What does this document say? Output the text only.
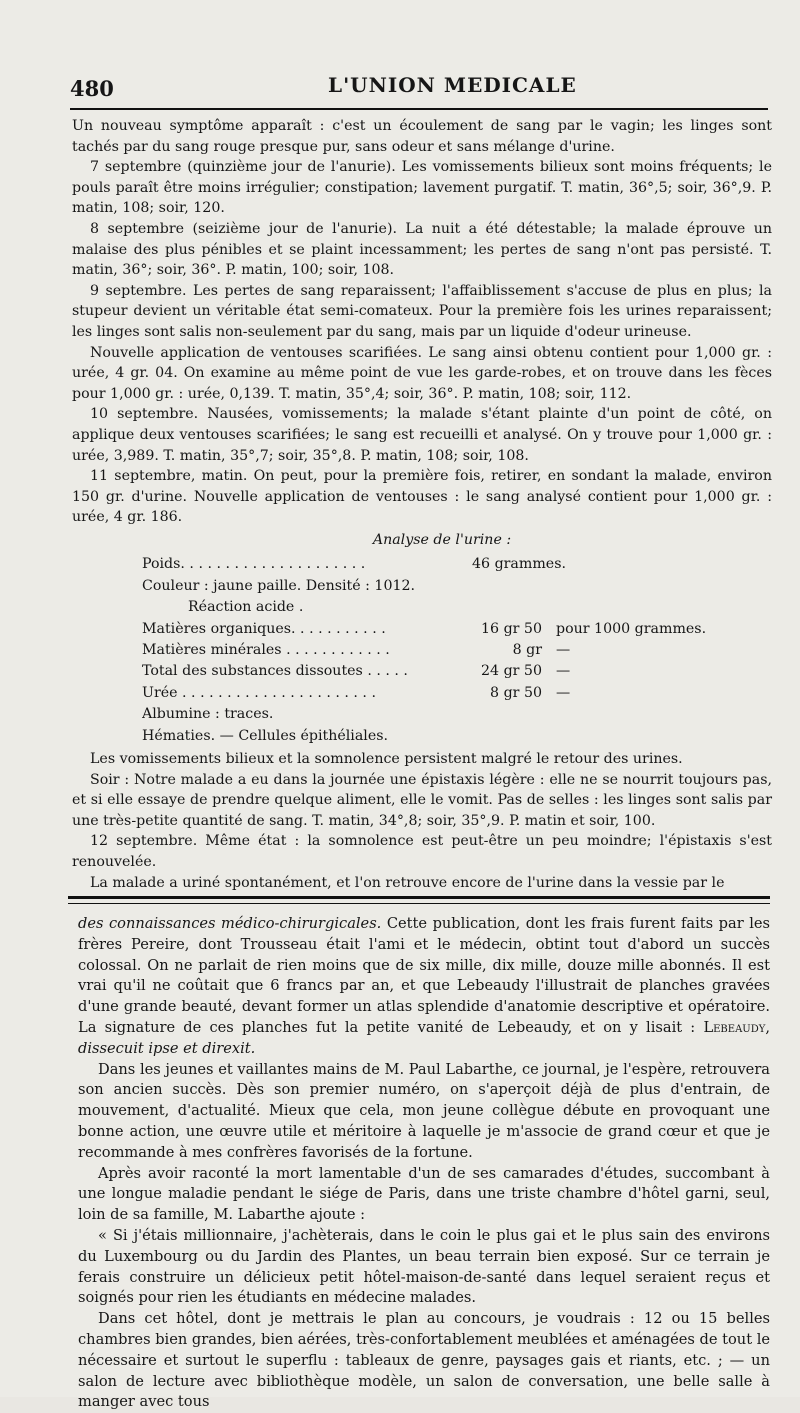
480	L'UNION MEDICALE

Un nouveau symptôme apparaît : c'est un écoulement de sang par le vagin; les linges sont tachés par du sang rouge presque pur, sans odeur et sans mélange d'urine.

7 septembre (quinzième jour de l'anurie). Les vomissements bilieux sont moins fréquents; le pouls paraît être moins irrégulier; constipation; lavement purgatif. T. matin, 36°,5; soir, 36°,9. P. matin, 108; soir, 120.

8 septembre (seizième jour de l'anurie). La nuit a été détestable; la malade éprouve un malaise des plus pénibles et se plaint incessamment; les pertes de sang n'ont pas persisté. T. matin, 36°; soir, 36°. P. matin, 100; soir, 108.

9 septembre. Les pertes de sang reparaissent; l'affaiblissement s'accuse de plus en plus; la stupeur devient un véritable état semi-comateux. Pour la première fois les urines reparaissent; les linges sont salis non-seulement par du sang, mais par un liquide d'odeur urineuse.

Nouvelle application de ventouses scarifiées. Le sang ainsi obtenu contient pour 1,000 gr. : urée, 4 gr. 04. On examine au même point de vue les garde-robes, et on trouve dans les fèces pour 1,000 gr. : urée, 0,139. T. matin, 35°,4; soir, 36°. P. matin, 108; soir, 112.

10 septembre. Nausées, vomissements; la malade s'étant plainte d'un point de côté, on applique deux ventouses scarifiées; le sang est recueilli et analysé. On y trouve pour 1,000 gr. : urée, 3,989. T. matin, 35°,7; soir, 35°,8. P. matin, 108; soir, 108.

11 septembre, matin. On peut, pour la première fois, retirer, en sondant la malade, environ 150 gr. d'urine. Nouvelle application de ventouses : le sang analysé contient pour 1,000 gr. : urée, 4 gr. 186.

Analyse de l'urine :
Poids. . . . . . . . . . . . . . . . . . . . .	46 grammes.
Couleur : jaune paille. Densité : 1012.
Réaction acide .
Matières organiques. . . . . . . . . . .	16 gr 50 pour 1000 grammes.
Matières minérales . . . . . . . . . . . .	8 gr —
Total des substances dissoutes . . . . .	24 gr 50 —
Urée . . . . . . . . . . . . . . . . . . . . . .	8 gr 50 —
Albumine : traces.
Hématies. — Cellules épithéliales.

Les vomissements bilieux et la somnolence persistent malgré le retour des urines.

Soir : Notre malade a eu dans la journée une épistaxis légère : elle ne se nourrit toujours pas, et si elle essaye de prendre quelque aliment, elle le vomit. Pas de selles : les linges sont salis par une très-petite quantité de sang. T. matin, 34°,8; soir, 35°,9. P. matin et soir, 100.

12 septembre. Même état : la somnolence est peut-être un peu moindre; l'épistaxis s'est renouvelée.

La malade a uriné spontanément, et l'on retrouve encore de l'urine dans la vessie par le

des connaissances médico-chirurgicales. Cette publication, dont les frais furent faits par les frères Pereire, dont Trousseau était l'ami et le médecin, obtint tout d'abord un succès colossal. On ne parlait de rien moins que de six mille, dix mille, douze mille abonnés. Il est vrai qu'il ne coûtait que 6 francs par an, et que Lebeaudy l'illustrait de planches gravées d'une grande beauté, devant former un atlas splendide d'anatomie descriptive et opératoire. La signature de ces planches fut la petite vanité de Lebeaudy, et on y lisait : Lebeaudy, dissecuit ipse et direxit.

Dans les jeunes et vaillantes mains de M. Paul Labarthe, ce journal, je l'espère, retrouvera son ancien succès. Dès son premier numéro, on s'aperçoit déjà de plus d'entrain, de mouvement, d'actualité. Mieux que cela, mon jeune collègue débute en provoquant une bonne action, une œuvre utile et méritoire à laquelle je m'associe de grand cœur et que je recommande à mes confrères favorisés de la fortune.

Après avoir raconté la mort lamentable d'un de ses camarades d'études, succombant à une longue maladie pendant le siége de Paris, dans une triste chambre d'hôtel garni, seul, loin de sa famille, M. Labarthe ajoute :

« Si j'étais millionnaire, j'achèterais, dans le coin le plus gai et le plus sain des environs du Luxembourg ou du Jardin des Plantes, un beau terrain bien exposé. Sur ce terrain je ferais construire un délicieux petit hôtel-maison-de-santé dans lequel seraient reçus et soignés pour rien les étudiants en médecine malades.

Dans cet hôtel, dont je mettrais le plan au concours, je voudrais : 12 ou 15 belles chambres bien grandes, bien aérées, très-confortablement meublées et aménagées de tout le nécessaire et surtout le superflu : tableaux de genre, paysages gais et riants, etc. ; — un salon de lecture avec bibliothèque modèle, un salon de conversation, une belle salle à manger avec tous
